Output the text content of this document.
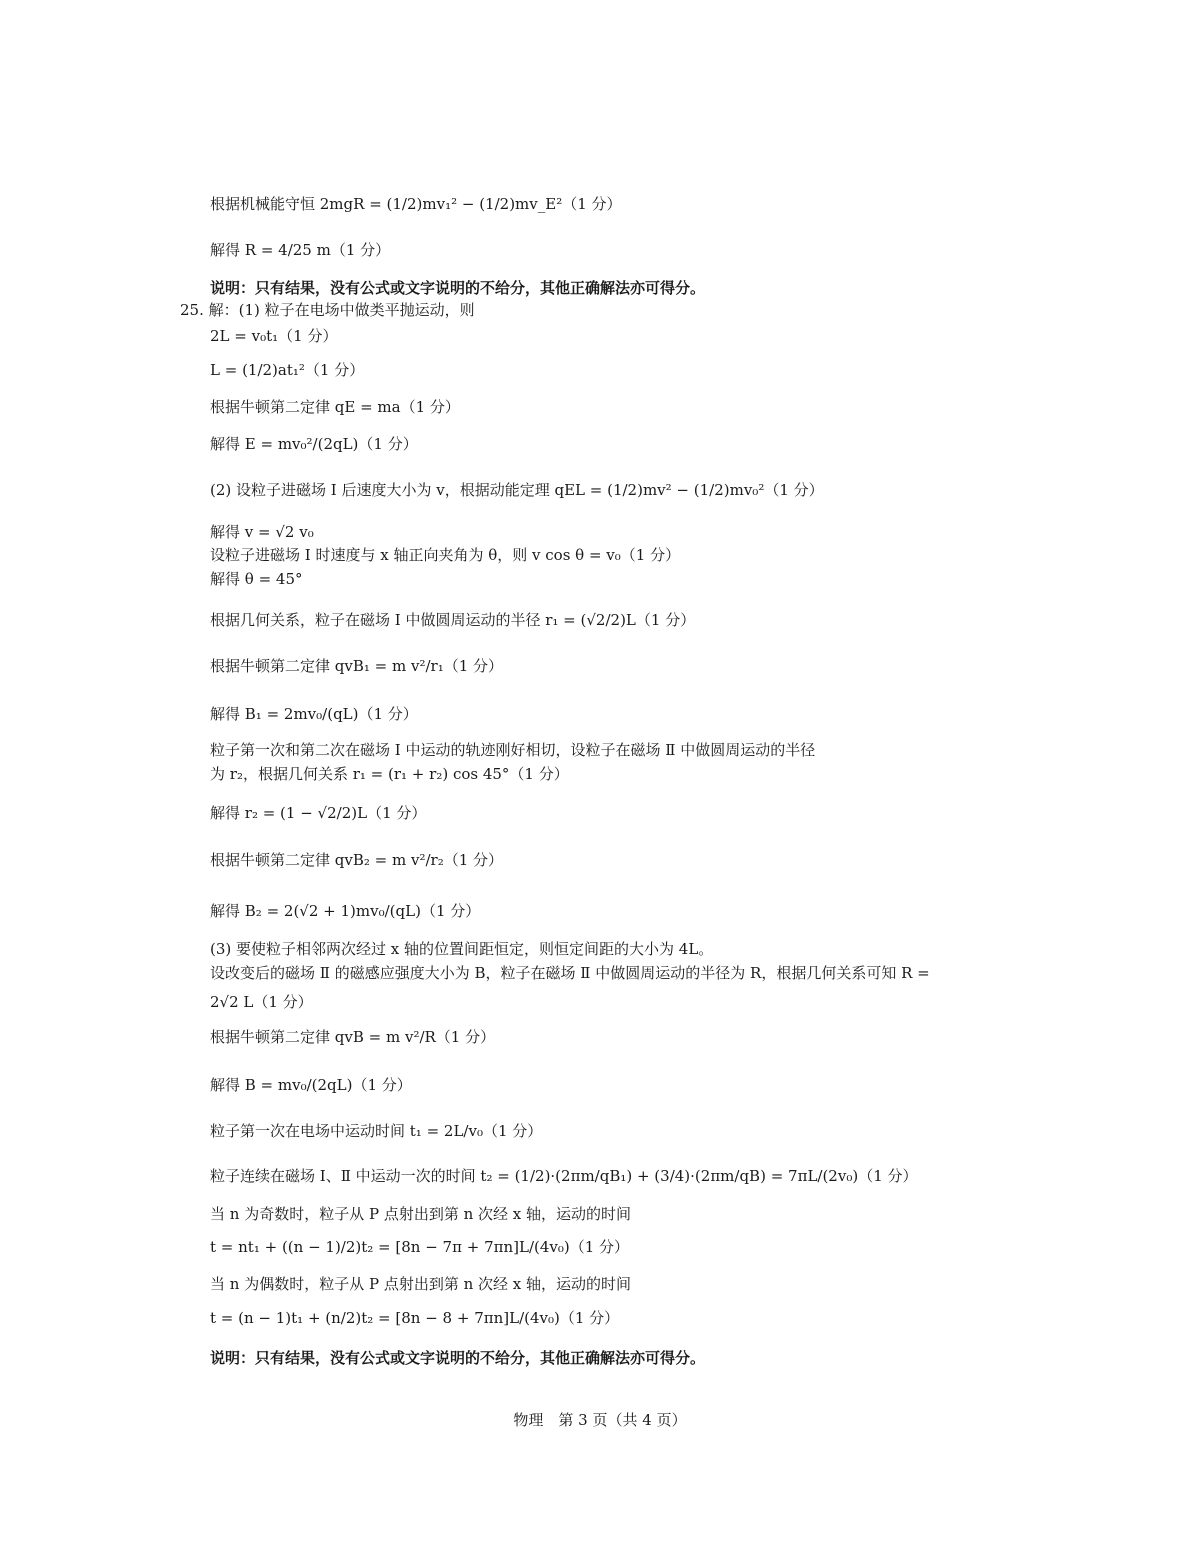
根据机械能守恒 2mgR = (1/2)mv₁² − (1/2)mv_E²（1 分）
解得 R = 4/25 m（1 分）
说明：只有结果，没有公式或文字说明的不给分，其他正确解法亦可得分。
25. 解：(1) 粒子在电场中做类平抛运动，则
2L = v₀t₁（1 分）
L = (1/2)at₁²（1 分）
根据牛顿第二定律 qE = ma（1 分）
解得 E = mv₀²/(2qL)（1 分）
(2) 设粒子进磁场 Ⅰ 后速度大小为 v，根据动能定理 qEL = (1/2)mv² − (1/2)mv₀²（1 分）
解得 v = √2 v₀
设粒子进磁场 Ⅰ 时速度与 x 轴正向夹角为 θ，则 v cos θ = v₀（1 分）
解得 θ = 45°
根据几何关系，粒子在磁场 Ⅰ 中做圆周运动的半径 r₁ = (√2/2)L（1 分）
根据牛顿第二定律 qvB₁ = m v²/r₁（1 分）
解得 B₁ = 2mv₀/(qL)（1 分）
粒子第一次和第二次在磁场 Ⅰ 中运动的轨迹刚好相切，设粒子在磁场 Ⅱ 中做圆周运动的半径
为 r₂，根据几何关系 r₁ = (r₁ + r₂) cos 45°（1 分）
解得 r₂ = (1 − √2/2)L（1 分）
根据牛顿第二定律 qvB₂ = m v²/r₂（1 分）
解得 B₂ = 2(√2 + 1)mv₀/(qL)（1 分）
(3) 要使粒子相邻两次经过 x 轴的位置间距恒定，则恒定间距的大小为 4L。
设改变后的磁场 Ⅱ 的磁感应强度大小为 B，粒子在磁场 Ⅱ 中做圆周运动的半径为 R，根据几何关系可知 R =
2√2 L（1 分）
根据牛顿第二定律 qvB = m v²/R（1 分）
解得 B = mv₀/(2qL)（1 分）
粒子第一次在电场中运动时间 t₁ = 2L/v₀（1 分）
粒子连续在磁场 Ⅰ、Ⅱ 中运动一次的时间 t₂ = (1/2)·(2πm/qB₁) + (3/4)·(2πm/qB) = 7πL/(2v₀)（1 分）
当 n 为奇数时，粒子从 P 点射出到第 n 次经 x 轴，运动的时间
t = nt₁ + ((n − 1)/2)t₂ = [8n − 7π + 7πn]L/(4v₀)（1 分）
当 n 为偶数时，粒子从 P 点射出到第 n 次经 x 轴，运动的时间
t = (n − 1)t₁ + (n/2)t₂ = [8n − 8 + 7πn]L/(4v₀)（1 分）
说明：只有结果，没有公式或文字说明的不给分，其他正确解法亦可得分。
物理　第 3 页（共 4 页）
